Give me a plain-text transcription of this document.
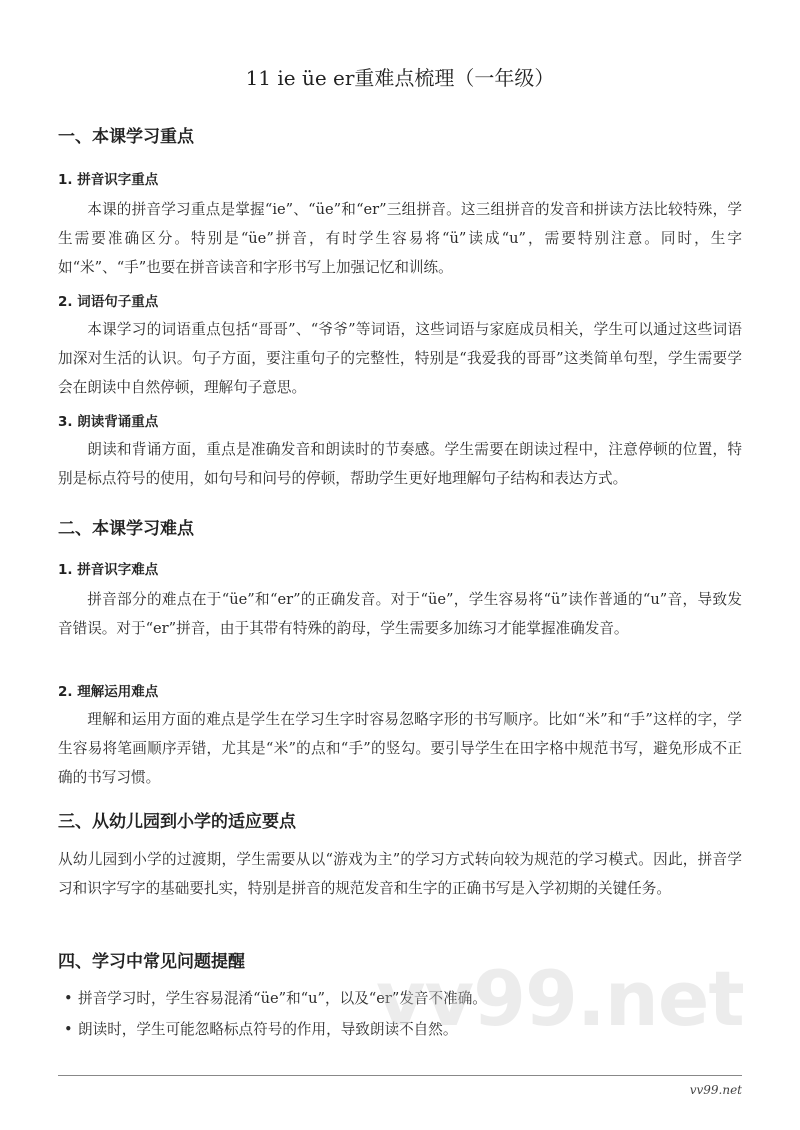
11 ie üe er重难点梳理（一年级）
一、本课学习重点
1. 拼音识字重点
本课的拼音学习重点是掌握“ie”、“üe”和“er”三组拼音。这三组拼音的发音和拼读方法比较特殊，学生需要准确区分。特别是“üe”拼音，有时学生容易将“ü”读成“u”，需要特别注意。同时，生字如“米”、“手”也要在拼音读音和字形书写上加强记忆和训练。
2. 词语句子重点
本课学习的词语重点包括“哥哥”、“爷爷”等词语，这些词语与家庭成员相关，学生可以通过这些词语加深对生活的认识。句子方面，要注重句子的完整性，特别是“我爱我的哥哥”这类简单句型，学生需要学会在朗读中自然停顿，理解句子意思。
3. 朗读背诵重点
朗读和背诵方面，重点是准确发音和朗读时的节奏感。学生需要在朗读过程中，注意停顿的位置，特别是标点符号的使用，如句号和问号的停顿，帮助学生更好地理解句子结构和表达方式。
二、本课学习难点
1. 拼音识字难点
拼音部分的难点在于“üe”和“er”的正确发音。对于“üe”，学生容易将“ü”读作普通的“u”音，导致发音错误。对于“er”拼音，由于其带有特殊的韵母，学生需要多加练习才能掌握准确发音。
2. 理解运用难点
理解和运用方面的难点是学生在学习生字时容易忽略字形的书写顺序。比如“米”和“手”这样的字，学生容易将笔画顺序弄错，尤其是“米”的点和“手”的竖勾。要引导学生在田字格中规范书写，避免形成不正确的书写习惯。
三、从幼儿园到小学的适应要点
从幼儿园到小学的过渡期，学生需要从以“游戏为主”的学习方式转向较为规范的学习模式。因此，拼音学习和识字写字的基础要扎实，特别是拼音的规范发音和生字的正确书写是入学初期的关键任务。
四、学习中常见问题提醒
• 拼音学习时，学生容易混淆“üe”和“u”，以及“er”发音不准确。
• 朗读时，学生可能忽略标点符号的作用，导致朗读不自然。
vv99.net
vv99.net
